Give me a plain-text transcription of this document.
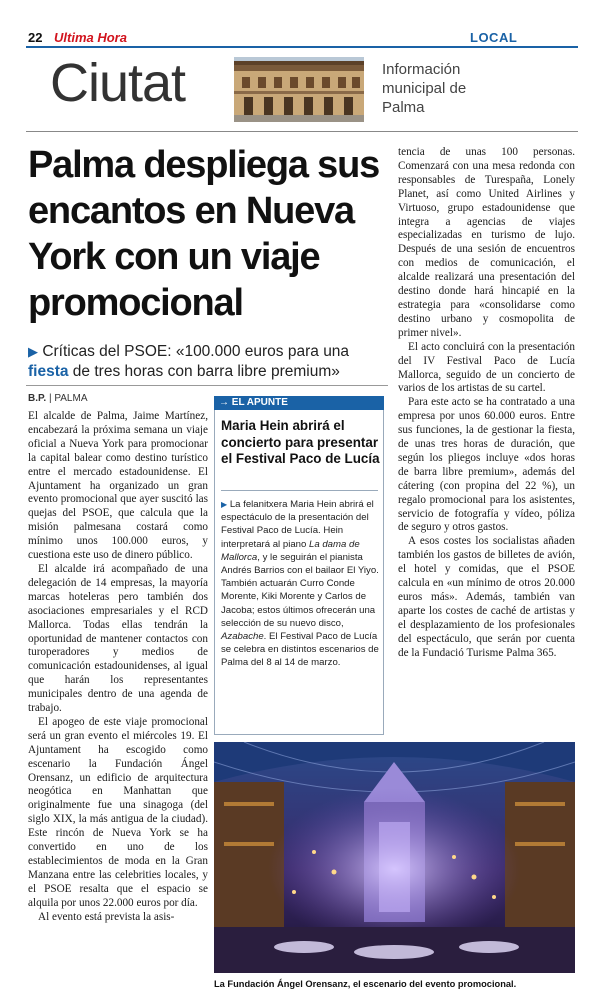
22 Ultima Hora	LOCAL
Ciutat	Información municipal de Palma
Palma despliega sus encantos en Nueva York con un viaje promocional
▶ Críticas del PSOE: «100.000 euros para una fiesta de tres horas con barra libre premium»
B.P. | PALMA

El alcalde de Palma, Jaime Martínez, encabezará la próxima semana un viaje oficial a Nueva York para promocionar la capital balear como destino turístico entre el mercado estadounidense. El Ajuntament ha organizado un gran evento promocional que ayer suscitó las quejas del PSOE, que calcula que la misión palmesana costará como mínimo unos 100.000 euros, y cuestiona este uso de dinero público.

El alcalde irá acompañado de una delegación de 14 empresas, la mayoría marcas hoteleras pero también dos asociaciones empresariales y el RCD Mallorca. Todas ellas tendrán la oportunidad de mantener contactos con turoperadores y medios de comunicación estadounidenses, al igual que harán los representantes municipales dentro de una agenda de trabajo.

El apogeo de este viaje promocional será un gran evento el miércoles 19. El Ajuntament ha escogido como escenario la Fundación Ángel Orensanz, un edificio de arquitectura neogótica en Manhattan que originalmente fue una sinagoga (del siglo XIX, la más antigua de la ciudad). Este rincón de Nueva York se ha convertido en uno de los establecimientos de moda en la Gran Manzana entre las celebrities locales, y el PSOE resalta que el espacio se alquila por unos 22.000 euros por día.

Al evento está prevista la asis-

→ EL APUNTE
Maria Hein abrirá el concierto para presentar el Festival Paco de Lucía
▶ La felanitxera Maria Hein abrirá el espectáculo de la presentación del Festival Paco de Lucía. Hein interpretará al piano La dama de Mallorca, y le seguirán el pianista Andrés Barrios con el bailaor El Yiyo. También actuarán Curro Conde Morente, Kiki Morente y Carlos de Jacoba; estos últimos ofrecerán una selección de su nuevo disco, Azabache. El Festival Paco de Lucía se celebra en distintos escenarios de Palma del 8 al 14 de marzo.

tencia de unas 100 personas. Comenzará con una mesa redonda con responsables de Turespaña, Lonely Planet, así como United Airlines y Virtuoso, grupo estadounidense que integra a agencias de viajes especializadas en turismo de lujo. Después de una sesión de encuentros con medios de comunicación, el alcalde realizará una presentación del destino donde hará hincapié en la estrategia para «consolidarse como destino urbano y cosmopolita de primer nivel».

El acto concluirá con la presentación del IV Festival Paco de Lucía Mallorca, seguido de un concierto de varios de los artistas de su cartel.

Para este acto se ha contratado a una empresa por unos 60.000 euros. Entre sus funciones, la de gestionar la fiesta, de unas tres horas de duración, que según los pliegos incluye «dos horas de barra libre premium», además del cátering (con propina del 22 %), un regalo promocional para los asistentes, servicio de fotografía y vídeo, póliza de seguro y otros gastos.

A esos costes los socialistas añaden también los gastos de billetes de avión, el hotel y comidas, que el PSOE calcula en «un mínimo de otros 20.000 euros más». Además, también van aparte los costes de caché de artistas y el desplazamiento de los profesionales del espectáculo, que serán por cuenta de la Fundació Turisme Palma 365.

La Fundación Ángel Orensanz, el escenario del evento promocional.
